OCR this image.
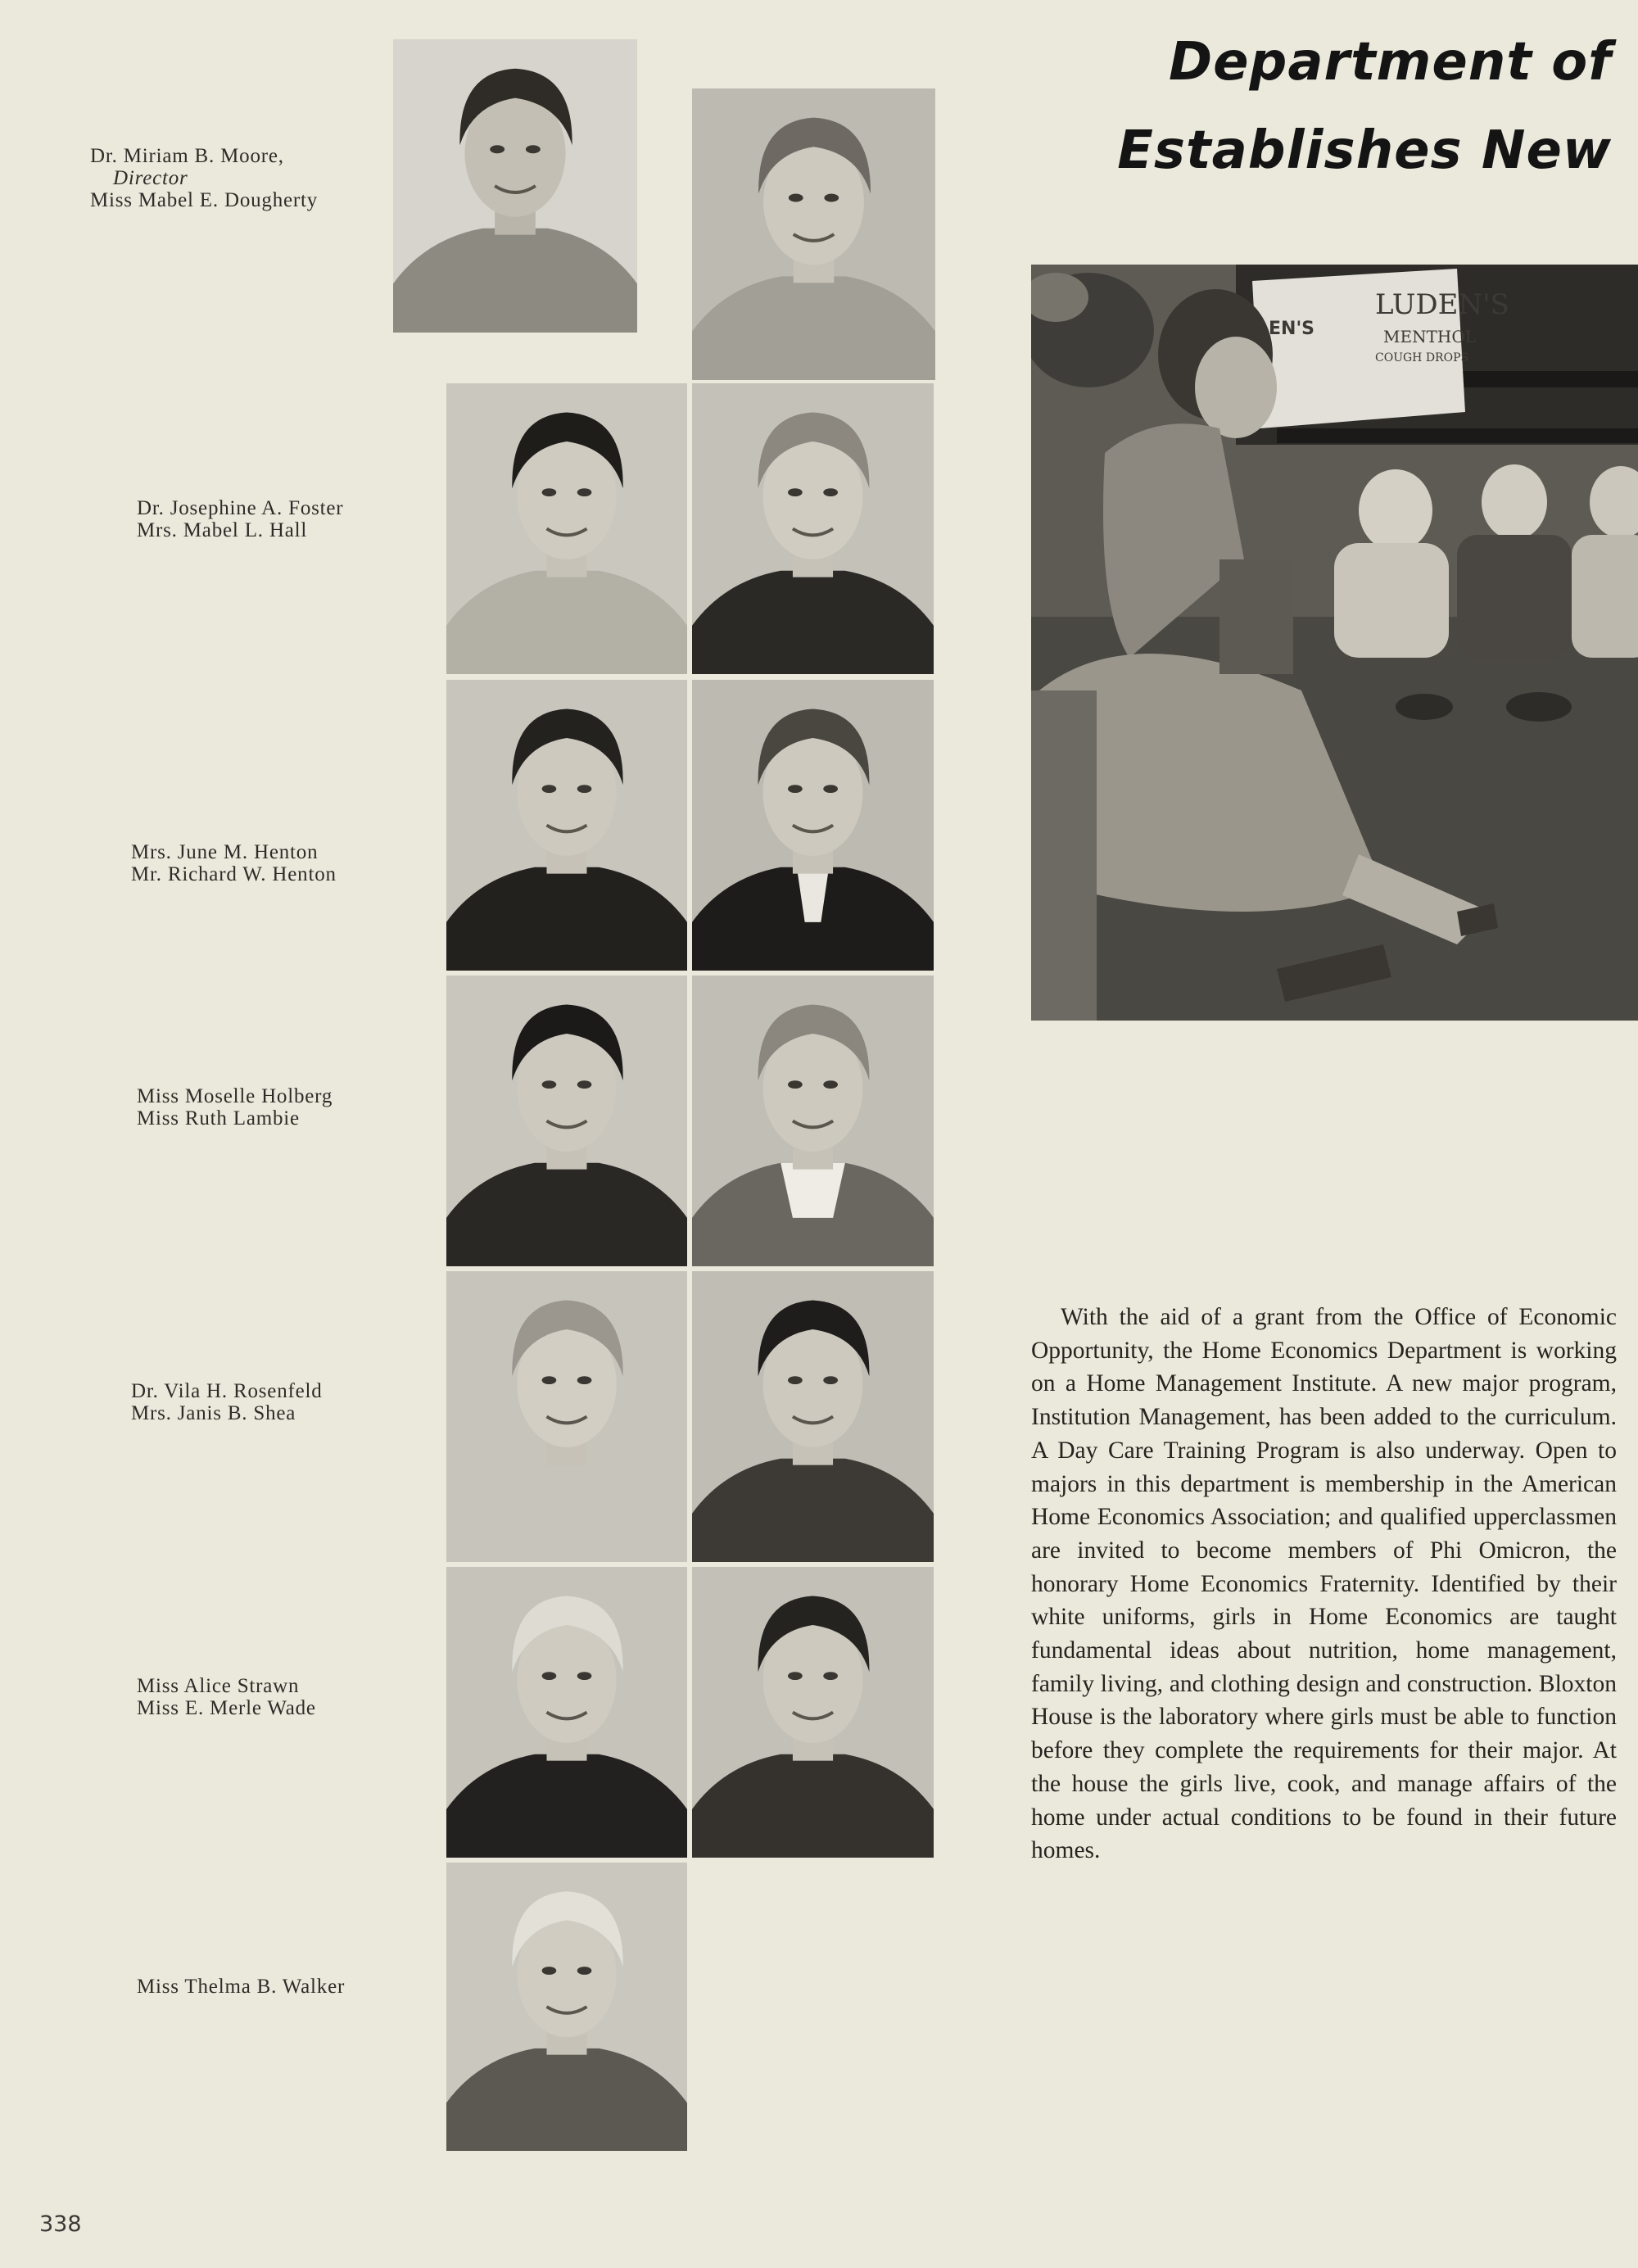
Department of
Establishes New
Dr. Miriam B. Moore,
Director
Miss Mabel E. Dougherty
Dr. Josephine A. Foster
Mrs. Mabel L. Hall
Mrs. June M. Henton
Mr. Richard W. Henton
Miss Moselle Holberg
Miss Ruth Lambie
Dr. Vila H. Rosenfeld
Mrs. Janis B. Shea
Miss Alice Strawn
Miss E. Merle Wade
Miss Thelma B. Walker
LUDEN'S
MENTHOL
COUGH DROPS
EN'S

With the aid of a grant from the Office of Economic Opportunity, the Home Economics Department is working on a Home Management Institute. A new major program, Institution Management, has been added to the curriculum. A Day Care Training Program is also underway. Open to majors in this department is membership in the American Home Economics Association; and qualified upperclassmen are invited to become members of Phi Omicron, the honorary Home Economics Fraternity. Identified by their white uniforms, girls in Home Economics are taught fundamental ideas about nutrition, home management, family living, and clothing design and construction. Bloxton House is the laboratory where girls must be able to function before they complete the requirements for their major. At the house the girls live, cook, and manage affairs of the home under actual conditions to be found in their future homes.

338
